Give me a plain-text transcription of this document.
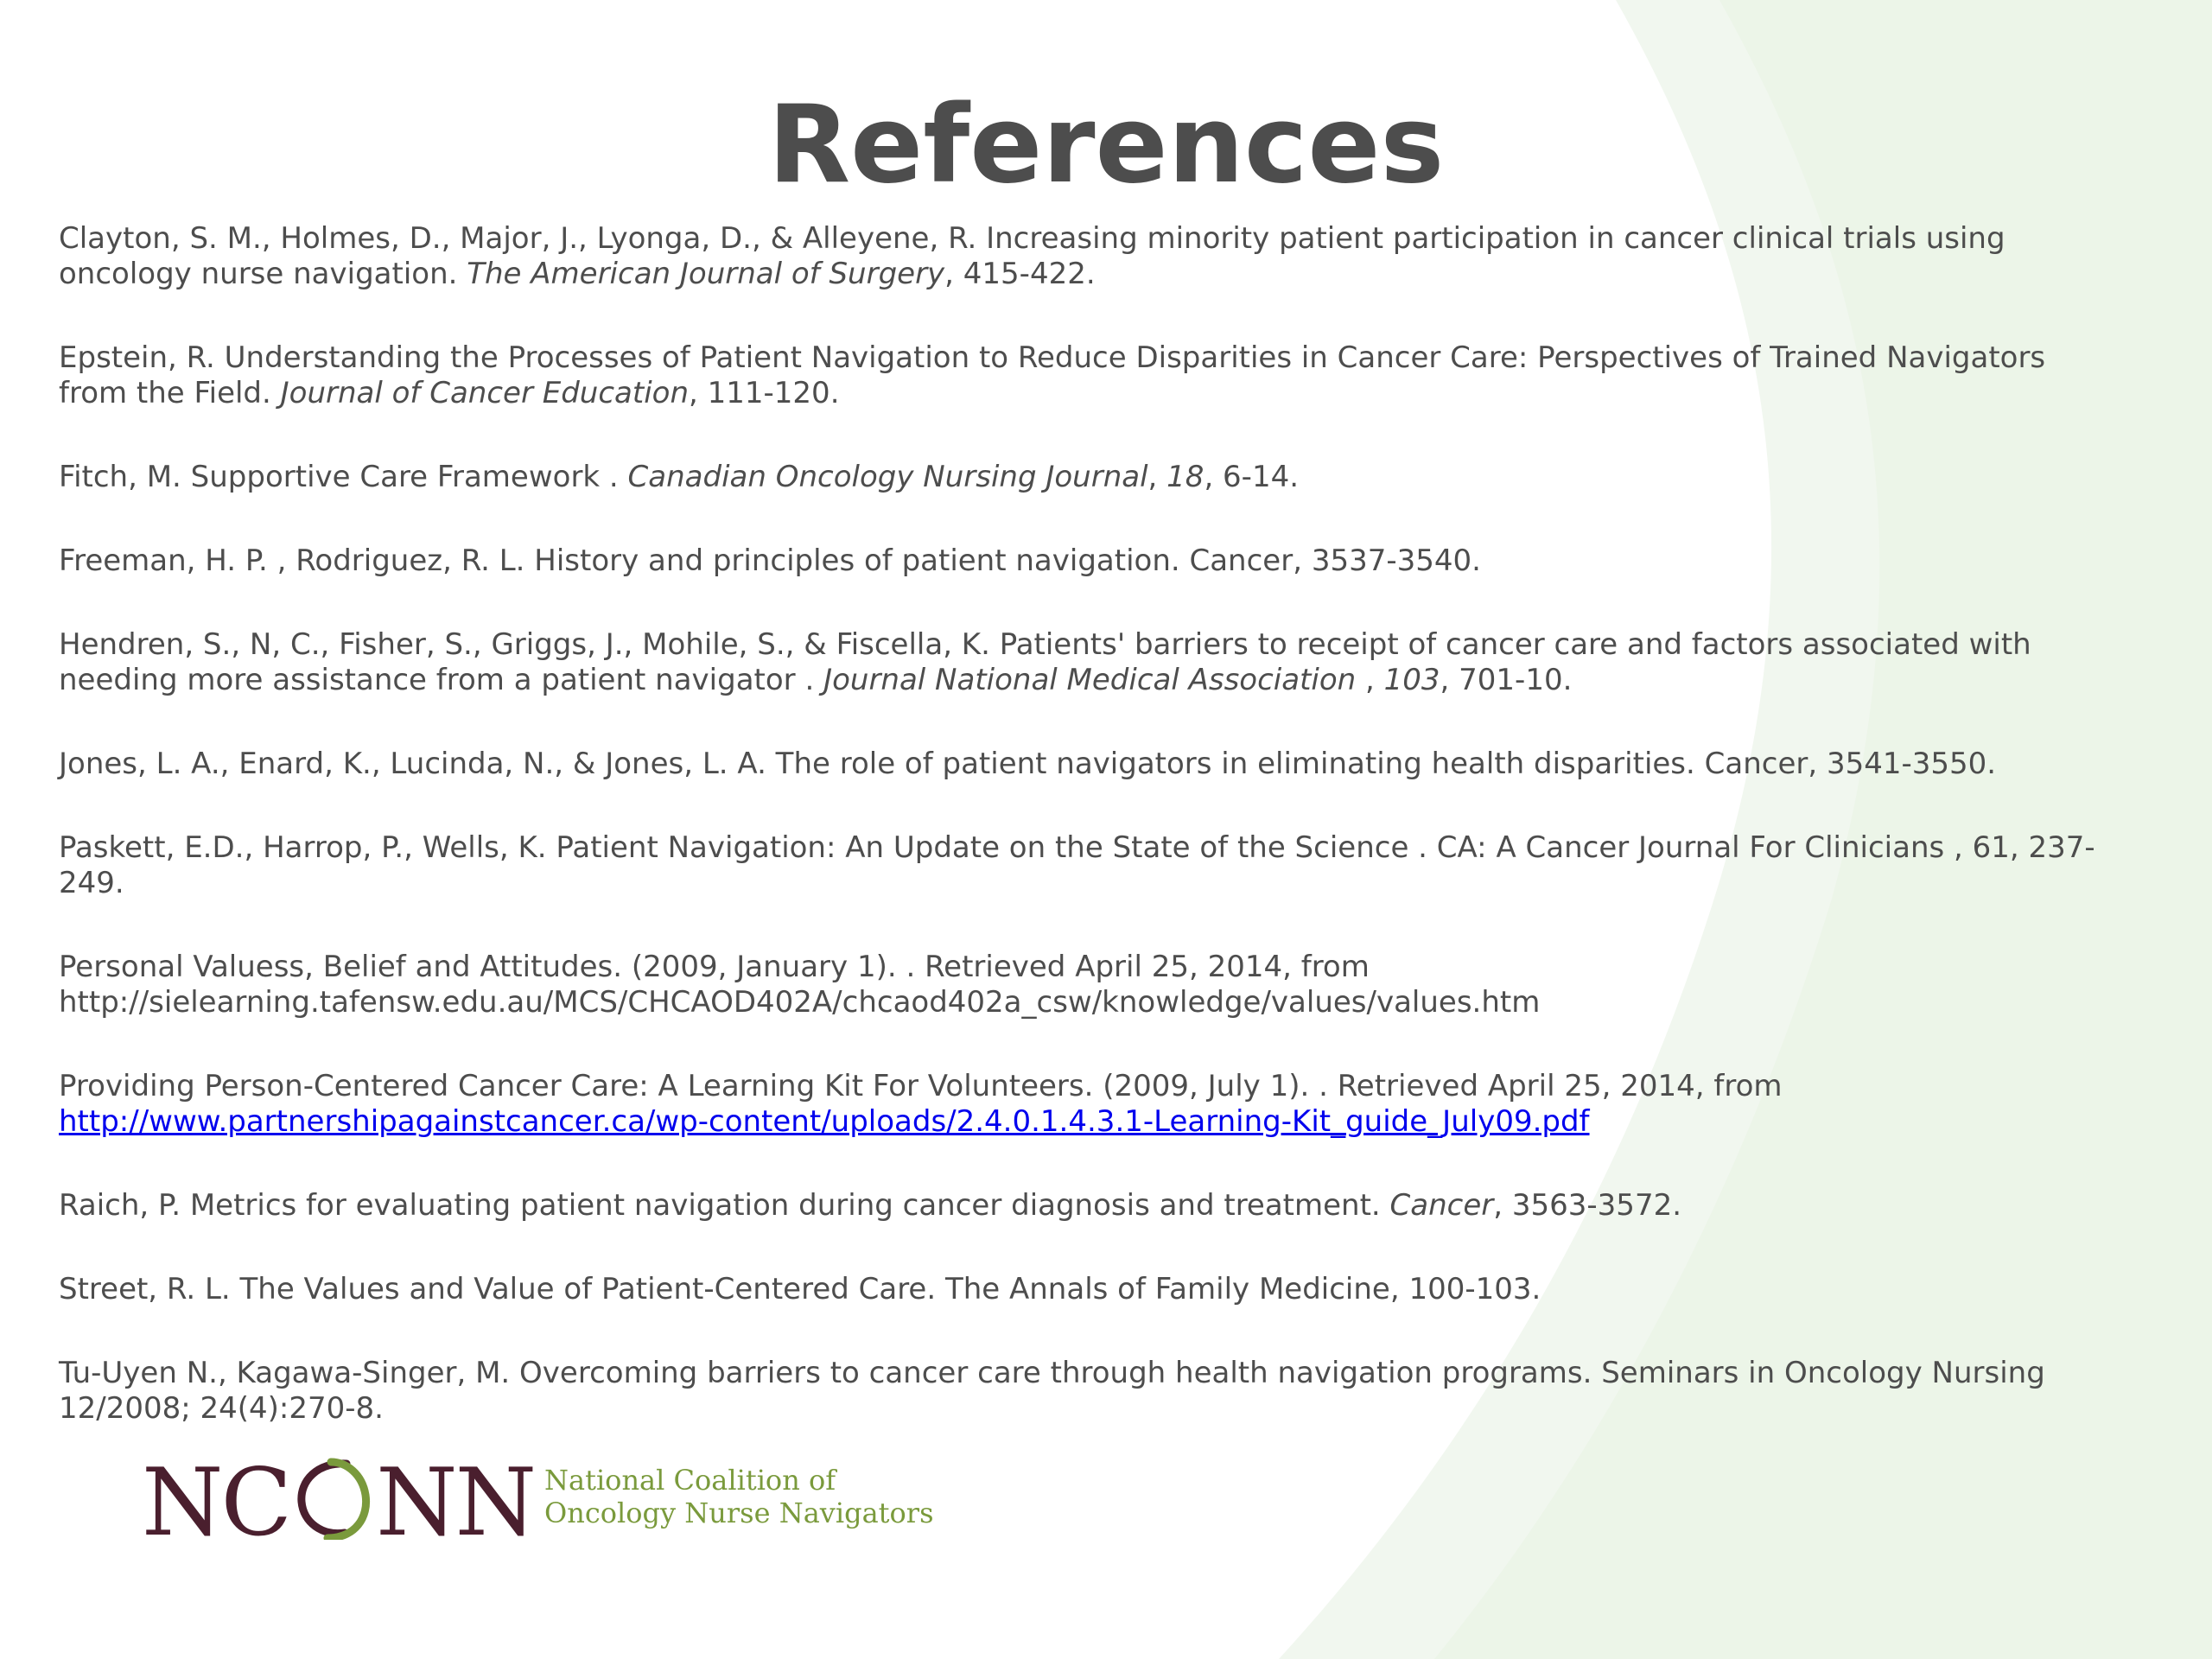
References
Clayton, S. M., Holmes, D., Major, J., Lyonga, D., & Alleyene, R. Increasing minority patient participation in cancer clinical trials using oncology nurse navigation. The American Journal of Surgery, 415-422.
Epstein, R. Understanding the Processes of Patient Navigation to Reduce Disparities in Cancer Care: Perspectives of Trained Navigators from the Field. Journal of Cancer Education, 111-120.
Fitch, M. Supportive Care Framework . Canadian Oncology Nursing Journal, 18, 6-14.
Freeman, H. P. , Rodriguez, R. L. History and principles of patient navigation. Cancer, 3537-3540.
Hendren, S., N, C., Fisher, S., Griggs, J., Mohile, S., & Fiscella, K. Patients' barriers to receipt of cancer care and factors associated with needing more assistance from a patient navigator . Journal National Medical Association , 103, 701-10.
Jones, L. A., Enard, K., Lucinda, N., & Jones, L. A. The role of patient navigators in eliminating health disparities. Cancer, 3541-3550.
Paskett, E.D., Harrop, P., Wells, K. Patient Navigation: An Update on the State of the Science . CA: A Cancer Journal For Clinicians , 61, 237-249.
Personal Valuess, Belief and Attitudes. (2009, January 1). . Retrieved April 25, 2014, from http://sielearning.tafensw.edu.au/MCS/CHCAOD402A/chcaod402a_csw/knowledge/values/values.htm
Providing Person-Centered Cancer Care: A Learning Kit For Volunteers. (2009, July 1). . Retrieved April 25, 2014, from http://www.partnershipagainstcancer.ca/wp-content/uploads/2.4.0.1.4.3.1-Learning-Kit_guide_July09.pdf
Raich, P. Metrics for evaluating patient navigation during cancer diagnosis and treatment. Cancer, 3563-3572.
Street, R. L. The Values and Value of Patient-Centered Care. The Annals of Family Medicine, 100-103.
Tu-Uyen N., Kagawa-Singer, M. Overcoming barriers to cancer care through health navigation programs. Seminars in Oncology Nursing 12/2008; 24(4):270-8.
NC NN National Coalition of
Oncology Nurse Navigators
